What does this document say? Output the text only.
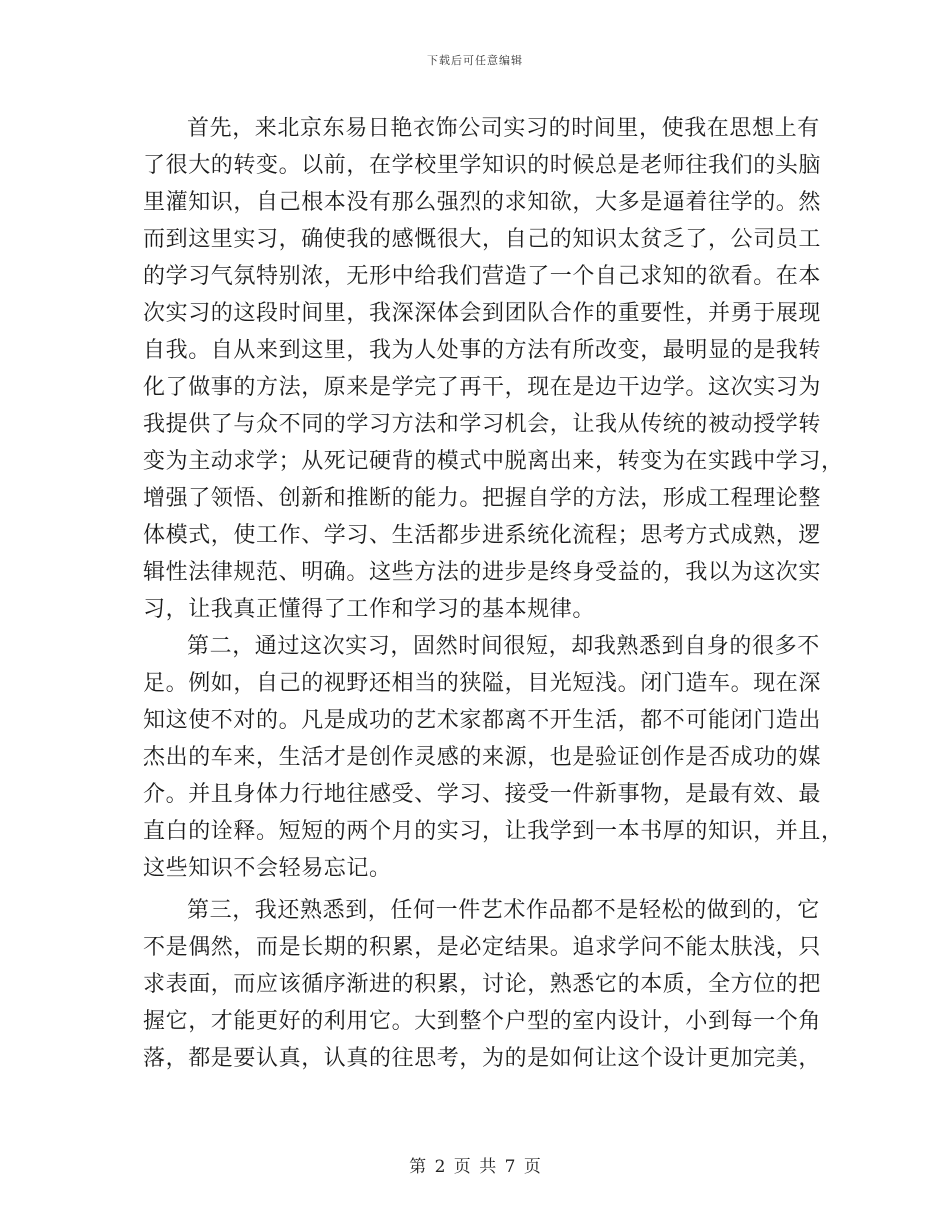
下载后可任意编辑
首先，来北京东易日艳衣饰公司实习的时间里，使我在思想上有
了很大的转变。以前，在学校里学知识的时候总是老师往我们的头脑
里灌知识，自己根本没有那么强烈的求知欲，大多是逼着往学的。然
而到这里实习，确使我的感慨很大，自己的知识太贫乏了，公司员工
的学习气氛特别浓，无形中给我们营造了一个自己求知的欲看。在本
次实习的这段时间里，我深深体会到团队合作的重要性，并勇于展现
自我。自从来到这里，我为人处事的方法有所改变，最明显的是我转
化了做事的方法，原来是学完了再干，现在是边干边学。这次实习为
我提供了与众不同的学习方法和学习机会，让我从传统的被动授学转
变为主动求学；从死记硬背的模式中脱离出来，转变为在实践中学习，
增强了领悟、创新和推断的能力。把握自学的方法，形成工程理论整
体模式，使工作、学习、生活都步进系统化流程；思考方式成熟，逻
辑性法律规范、明确。这些方法的进步是终身受益的，我以为这次实
习，让我真正懂得了工作和学习的基本规律。
第二，通过这次实习，固然时间很短，却我熟悉到自身的很多不
足。例如，自己的视野还相当的狭隘，目光短浅。闭门造车。现在深
知这使不对的。凡是成功的艺术家都离不开生活，都不可能闭门造出
杰出的车来，生活才是创作灵感的来源，也是验证创作是否成功的媒
介。并且身体力行地往感受、学习、接受一件新事物，是最有效、最
直白的诠释。短短的两个月的实习，让我学到一本书厚的知识，并且，
这些知识不会轻易忘记。
第三，我还熟悉到，任何一件艺术作品都不是轻松的做到的，它
不是偶然，而是长期的积累，是必定结果。追求学问不能太肤浅，只
求表面，而应该循序渐进的积累，讨论，熟悉它的本质，全方位的把
握它，才能更好的利用它。大到整个户型的室内设计，小到每一个角
落，都是要认真，认真的往思考，为的是如何让这个设计更加完美，
第 2 页 共 7 页
